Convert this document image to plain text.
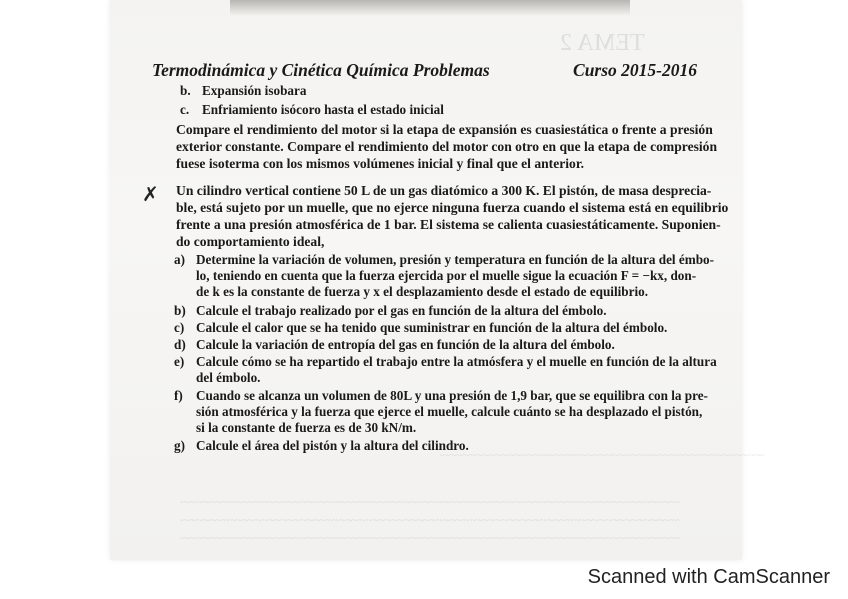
TEMA 2
~~~~~~~~~~~~~~~~~~~~~~~~~~~~~~~~~~~~~~~~~~~~~~~~~~
~~~~~~~~~~~~~~~~~~~~~~~~~~~~~~~~~~~~~~~~~~~~~~~~~~~~~~~~~~~~~~~~~~~~~~~~~~~~~
~~~~~~~~~~~~~~~~~~~~~~~~~~~~~~~~~~~~~~~~~~~~~~~~~~~~~~~~~~~~~~~~~~~~~~~~~~~~~
~~~~~~~~~~~~~~~~~~~~~~~~~~~~~~~~~~~~~~~~~~~~~~~~~~~~~~~~~~~~~~~~~~~~~~~~~~~~~
Termodinámica y Cinética Química Problemas	Curso 2015-2016
b. Expansión isobara
c. Enfriamiento isócoro hasta el estado inicial
Compare el rendimiento del motor si la etapa de expansión es cuasiestática o frente a presión
exterior constante. Compare el rendimiento del motor con otro en que la etapa de compresión
fuese isoterma con los mismos volúmenes inicial y final que el anterior.
✗	Un cilindro vertical contiene 50 L de un gas diatómico a 300 K. El pistón, de masa desprecia-
ble, está sujeto por un muelle, que no ejerce ninguna fuerza cuando el sistema está en equilibrio
frente a una presión atmosférica de 1 bar. El sistema se calienta cuasiestáticamente. Suponien-
do comportamiento ideal,
a) Determine la variación de volumen, presión y temperatura en función de la altura del émbo-
lo, teniendo en cuenta que la fuerza ejercida por el muelle sigue la ecuación F = −kx, don-
de k es la constante de fuerza y x el desplazamiento desde el estado de equilibrio.
b) Calcule el trabajo realizado por el gas en función de la altura del émbolo.
c) Calcule el calor que se ha tenido que suministrar en función de la altura del émbolo.
d) Calcule la variación de entropía del gas en función de la altura del émbolo.
e) Calcule cómo se ha repartido el trabajo entre la atmósfera y el muelle en función de la altura
del émbolo.
f) Cuando se alcanza un volumen de 80L y una presión de 1,9 bar, que se equilibra con la pre-
sión atmosférica y la fuerza que ejerce el muelle, calcule cuánto se ha desplazado el pistón,
si la constante de fuerza es de 30 kN/m.
g) Calcule el área del pistón y la altura del cilindro.
Scanned with CamScanner
